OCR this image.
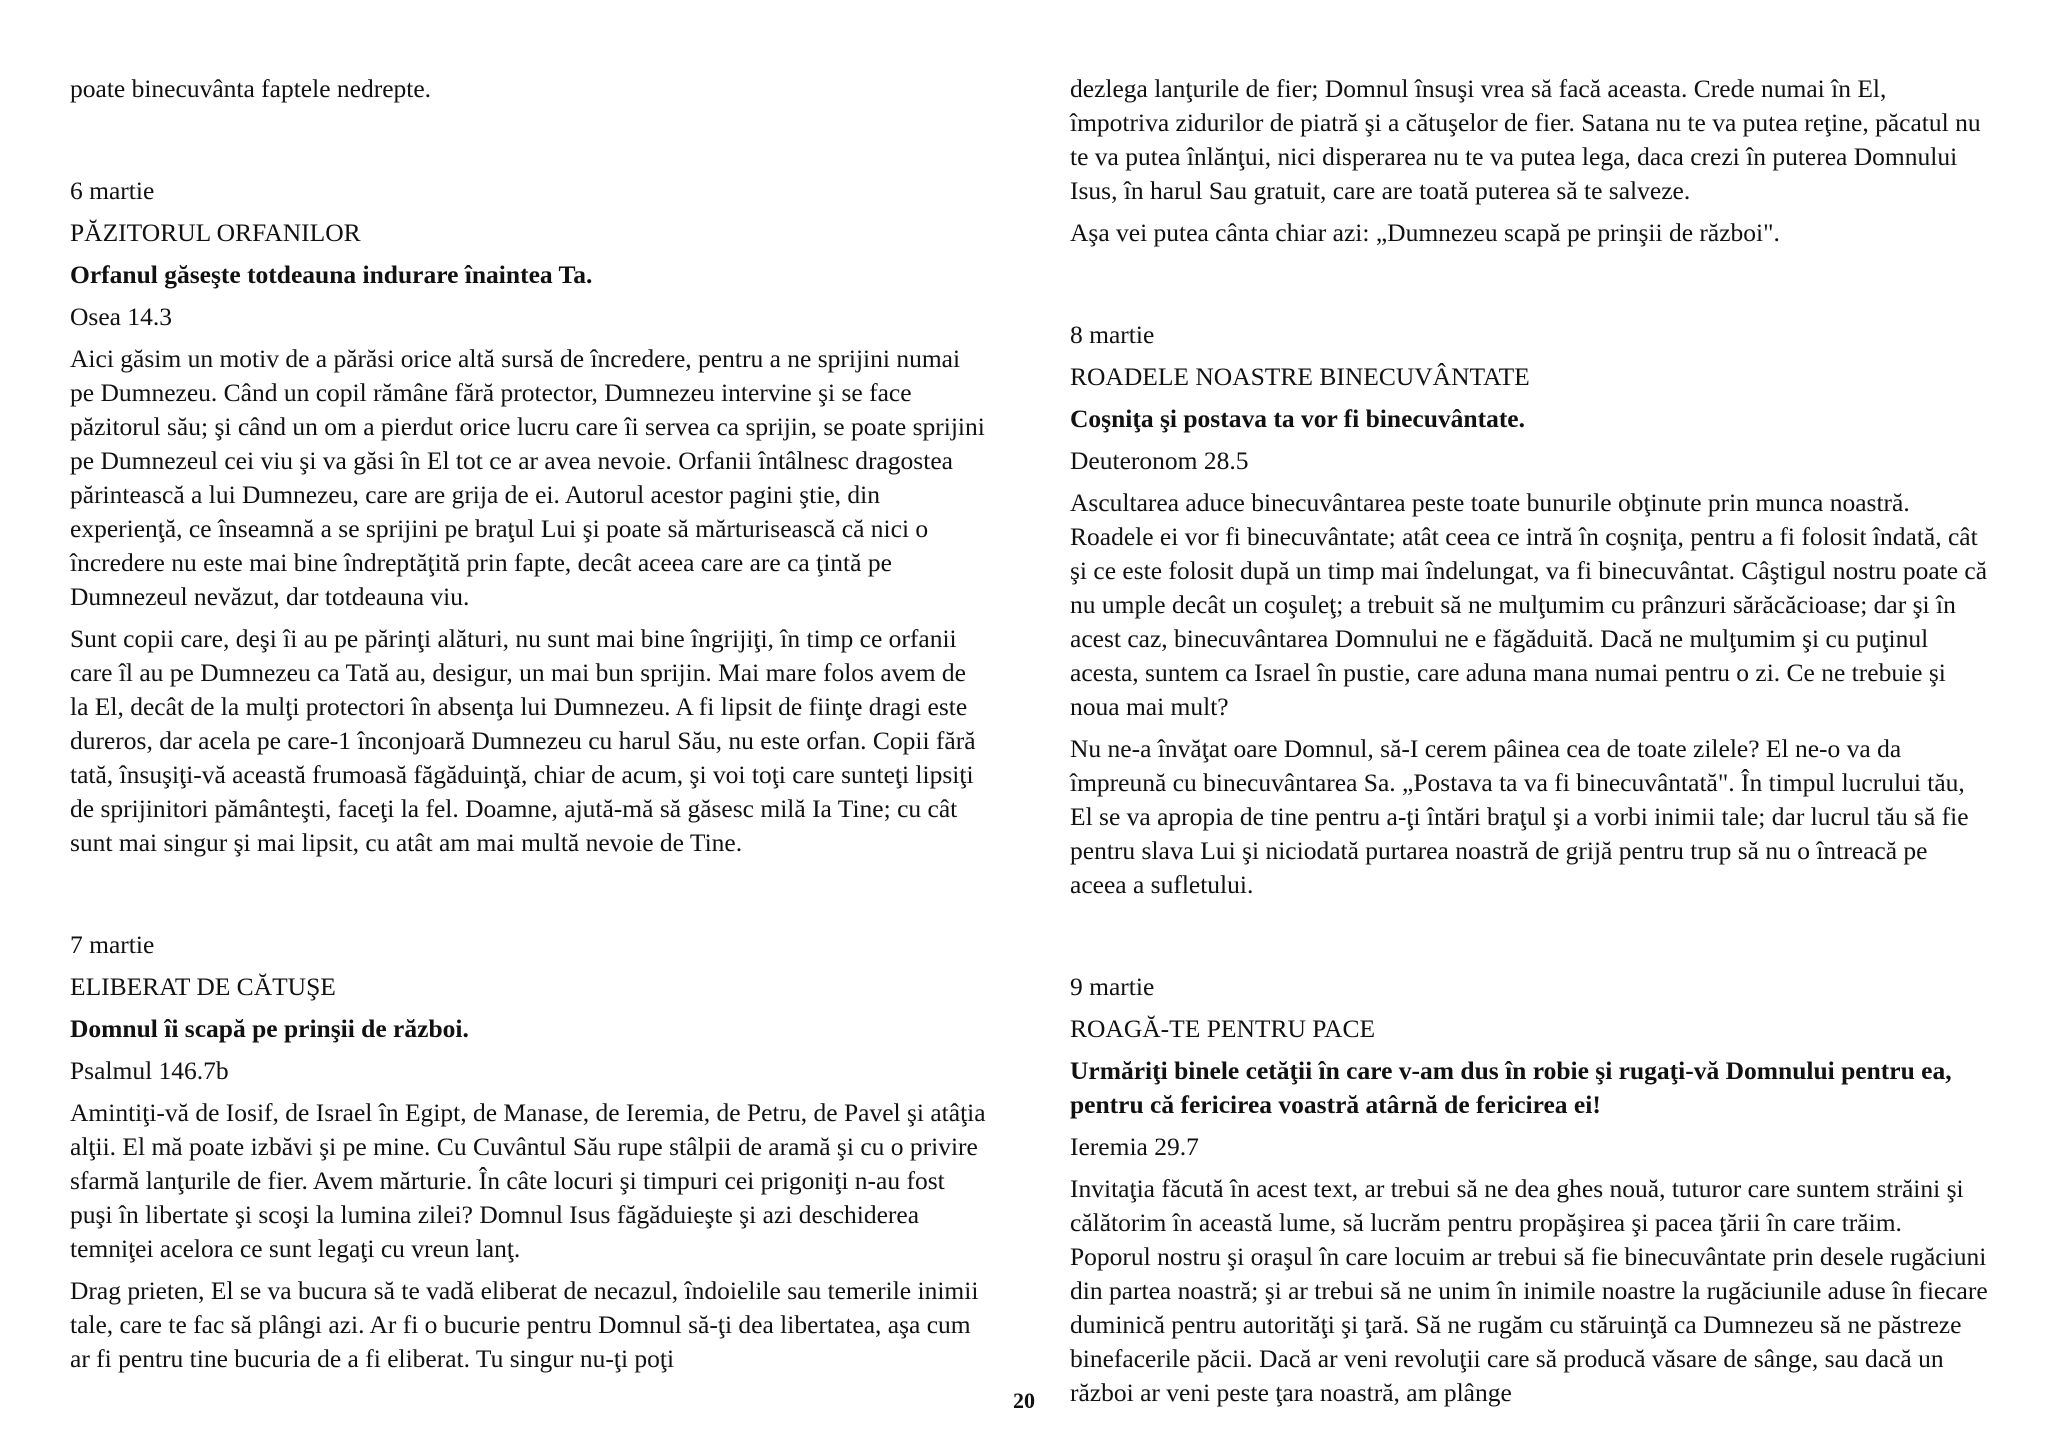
poate binecuvânta faptele nedrepte.

6 martie

PĂZITORUL ORFANILOR

Orfanul găseşte totdeauna indurare înaintea Ta.

Osea 14.3

Aici găsim un motiv de a părăsi orice altă sursă de încredere, pentru a ne sprijini numai pe Dumnezeu. Când un copil rămâne fără protector, Dumnezeu intervine şi se face păzitorul său; şi când un om a pierdut orice lucru care îi servea ca sprijin, se poate sprijini pe Dumnezeul cei viu şi va găsi în El tot ce ar avea nevoie. Orfanii întâlnesc dragostea părintească a lui Dumnezeu, care are grija de ei. Autorul acestor pagini ştie, din experienţă, ce înseamnă a se sprijini pe braţul Lui şi poate să mărturisească că nici o încredere nu este mai bine îndreptăţită prin fapte, decât aceea care are ca ţintă pe Dumnezeul nevăzut, dar totdeauna viu.

Sunt copii care, deşi îi au pe părinţi alături, nu sunt mai bine îngrijiţi, în timp ce orfanii care îl au pe Dumnezeu ca Tată au, desigur, un mai bun sprijin. Mai mare folos avem de la El, decât de la mulţi protectori în absenţa lui Dumnezeu. A fi lipsit de fiinţe dragi este dureros, dar acela pe care-1 înconjoară Dumnezeu cu harul Său, nu este orfan. Copii fără tată, însuşiţi-vă această frumoasă făgăduinţă, chiar de acum, şi voi toţi care sunteţi lipsiţi de sprijinitori pământeşti, faceţi la fel. Doamne, ajută-mă să găsesc milă Ia Tine; cu cât sunt mai singur şi mai lipsit, cu atât am mai multă nevoie de Tine.

7 martie

ELIBERAT DE CĂTUŞE

Domnul îi scapă pe prinşii de război.

Psalmul 146.7b

Amintiţi-vă de Iosif, de Israel în Egipt, de Manase, de Ieremia, de Petru, de Pavel şi atâţia alţii. El mă poate izbăvi şi pe mine. Cu Cuvântul Său rupe stâlpii de aramă şi cu o privire sfarmă lanţurile de fier. Avem mărturie. În câte locuri şi timpuri cei prigoniţi n-au fost puşi în libertate şi scoşi la lumina zilei? Domnul Isus făgăduieşte şi azi deschiderea temniţei acelora ce sunt legaţi cu vreun lanţ.

Drag prieten, El se va bucura să te vadă eliberat de necazul, îndoielile sau temerile inimii tale, care te fac să plângi azi. Ar fi o bucurie pentru Domnul să-ţi dea libertatea, aşa cum ar fi pentru tine bucuria de a fi eliberat. Tu singur nu-ţi poţi

dezlega lanţurile de fier; Domnul însuşi vrea să facă aceasta. Crede numai în El, împotriva zidurilor de piatră şi a cătuşelor de fier. Satana nu te va putea reţine, păcatul nu te va putea înlănţui, nici disperarea nu te va putea lega, daca crezi în puterea Domnului Isus, în harul Sau gratuit, care are toată puterea să te salveze.

Aşa vei putea cânta chiar azi: „Dumnezeu scapă pe prinşii de război".

8 martie

ROADELE NOASTRE BINECUVÂNTATE

Coşniţa şi postava ta vor fi binecuvântate.

Deuteronom 28.5

Ascultarea aduce binecuvântarea peste toate bunurile obţinute prin munca noastră. Roadele ei vor fi binecuvântate; atât ceea ce intră în coşniţa, pentru a fi folosit îndată, cât şi ce este folosit după un timp mai îndelungat, va fi binecuvântat. Câştigul nostru poate că nu umple decât un coşuleţ; a trebuit să ne mulţumim cu prânzuri sărăcăcioase; dar şi în acest caz, binecuvântarea Domnului ne e făgăduită. Dacă ne mulţumim şi cu puţinul acesta, suntem ca Israel în pustie, care aduna mana numai pentru o zi. Ce ne trebuie şi noua mai mult?

Nu ne-a învăţat oare Domnul, să-I cerem pâinea cea de toate zilele? El ne-o va da împreună cu binecuvântarea Sa. „Postava ta va fi binecuvântată". În timpul lucrului tău, El se va apropia de tine pentru a-ţi întări braţul şi a vorbi inimii tale; dar lucrul tău să fie pentru slava Lui şi niciodată purtarea noastră de grijă pentru trup să nu o întreacă pe aceea a sufletului.

9 martie

ROAGĂ-TE PENTRU PACE

Urmăriţi binele cetăţii în care v-am dus în robie şi rugaţi-vă Domnului pentru ea, pentru că fericirea voastră atârnă de fericirea ei!

Ieremia 29.7

Invitaţia făcută în acest text, ar trebui să ne dea ghes nouă, tuturor care suntem străini şi călătorim în această lume, să lucrăm pentru propăşirea şi pacea ţării în care trăim. Poporul nostru şi oraşul în care locuim ar trebui să fie binecuvântate prin desele rugăciuni din partea noastră; şi ar trebui să ne unim în inimile noastre la rugăciunile aduse în fiecare duminică pentru autorităţi şi ţară. Să ne rugăm cu stăruinţă ca Dumnezeu să ne păstreze binefacerile păcii. Dacă ar veni revoluţii care să producă văsare de sânge, sau dacă un război ar veni peste ţara noastră, am plânge

20
